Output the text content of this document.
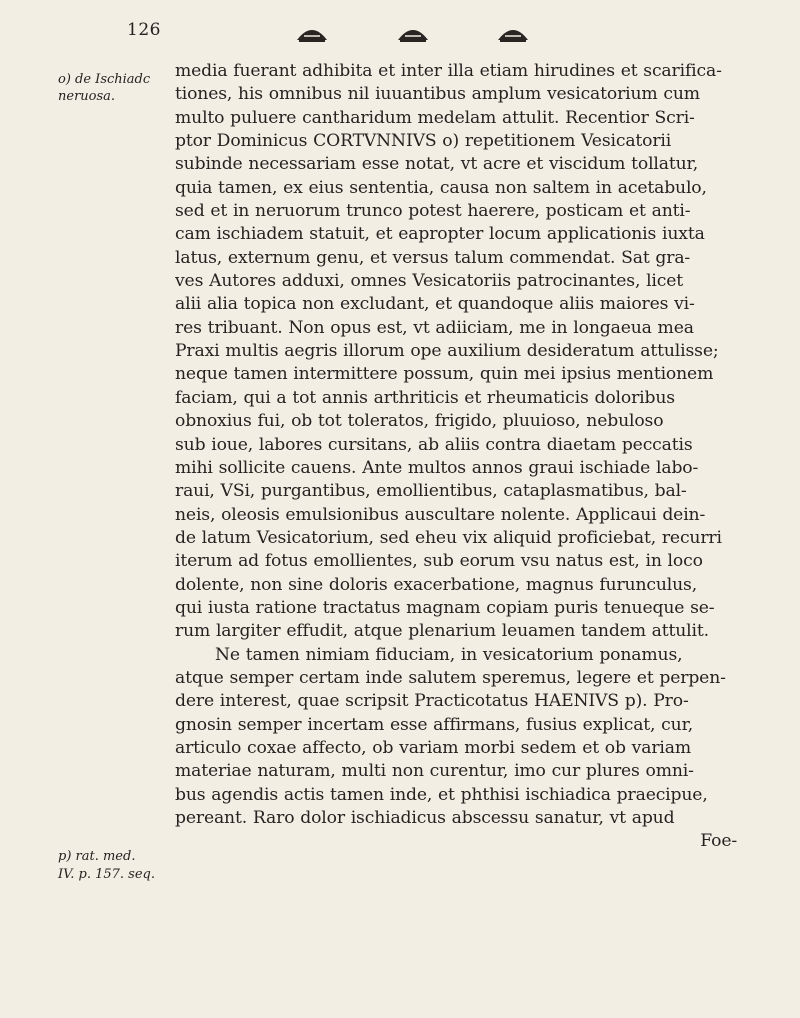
126
o) de Ischiadc
neruosa.
p) rat. med.
IV. p. 157. seq.
media fuerant adhibita et inter illa etiam hirudines et scarifica-
tiones, his omnibus nil iuuantibus amplum vesicatorium cum
multo puluere cantharidum medelam attulit. Recentior Scri-
ptor Dominicus CORTVNNIVS o) repetitionem Vesicatorii
subinde necessariam esse notat, vt acre et viscidum tollatur,
quia tamen, ex eius sententia, causa non saltem in acetabulo,
sed et in neruorum trunco potest haerere, posticam et anti-
cam ischiadem statuit, et eapropter locum applicationis iuxta
latus, externum genu, et versus talum commendat. Sat gra-
ves Autores adduxi, omnes Vesicatoriis patrocinantes, licet
alii alia topica non excludant, et quandoque aliis maiores vi-
res tribuant. Non opus est, vt adiiciam, me in longaeua mea
Praxi multis aegris illorum ope auxilium desideratum attulisse;
neque tamen intermittere possum, quin mei ipsius mentionem
faciam, qui a tot annis arthriticis et rheumaticis doloribus
obnoxius fui, ob tot toleratos, frigido, pluuioso, nebuloso
sub ioue, labores cursitans, ab aliis contra diaetam peccatis
mihi sollicite cauens. Ante multos annos graui ischiade labo-
raui, VSi, purgantibus, emollientibus, cataplasmatibus, bal-
neis, oleosis emulsionibus auscultare nolente. Applicaui dein-
de latum Vesicatorium, sed eheu vix aliquid proficiebat, recurri
iterum ad fotus emollientes, sub eorum vsu natus est, in loco
dolente, non sine doloris exacerbatione, magnus furunculus,
qui iusta ratione tractatus magnam copiam puris tenueque se-
rum largiter effudit, atque plenarium leuamen tandem attulit.
Ne tamen nimiam fiduciam, in vesicatorium ponamus,
atque semper certam inde salutem speremus, legere et perpen-
dere interest, quae scripsit Practicotatus HAENIVS p). Pro-
gnosin semper incertam esse affirmans, fusius explicat, cur,
articulo coxae affecto, ob variam morbi sedem et ob variam
materiae naturam, multi non curentur, imo cur plures omni-
bus agendis actis tamen inde, et phthisi ischiadica praecipue,
pereant. Raro dolor ischiadicus abscessu sanatur, vt apud
Foe-
